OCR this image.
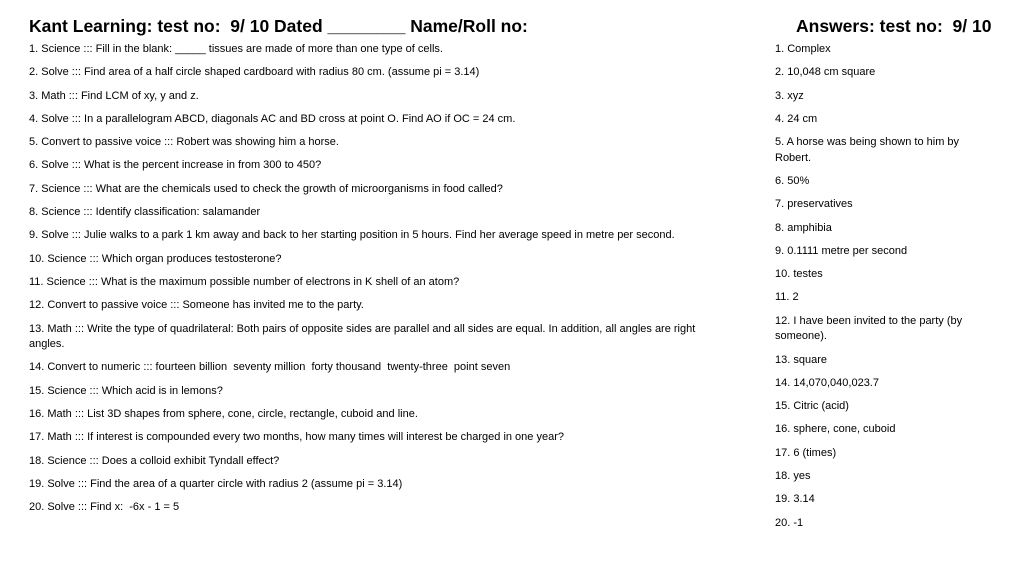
Kant Learning: test no:  9/ 10 Dated ________ Name/Roll no:	Answers: test no:  9/ 10
1. Science ::: Fill in the blank: _____ tissues are made of more than one type of cells.
2. Solve ::: Find area of a half circle shaped cardboard with radius 80 cm. (assume pi = 3.14)
3. Math ::: Find LCM of xy, y and z.
4. Solve ::: In a parallelogram ABCD, diagonals AC and BD cross at point O. Find AO if OC = 24 cm.
5. Convert to passive voice ::: Robert was showing him a horse.
6. Solve ::: What is the percent increase in from 300 to 450?
7. Science ::: What are the chemicals used to check the growth of microorganisms in food called?
8. Science ::: Identify classification: salamander
9. Solve ::: Julie walks to a park 1 km away and back to her starting position in 5 hours. Find her average speed in metre per second.
10. Science ::: Which organ produces testosterone?
11. Science ::: What is the maximum possible number of electrons in K shell of an atom?
12. Convert to passive voice ::: Someone has invited me to the party.
13. Math ::: Write the type of quadrilateral: Both pairs of opposite sides are parallel and all sides are equal. In addition, all angles are right angles.
14. Convert to numeric ::: fourteen billion  seventy million  forty thousand  twenty-three  point seven
15. Science ::: Which acid is in lemons?
16. Math ::: List 3D shapes from sphere, cone, circle, rectangle, cuboid and line.
17. Math ::: If interest is compounded every two months, how many times will interest be charged in one year?
18. Science ::: Does a colloid exhibit Tyndall effect?
19. Solve ::: Find the area of a quarter circle with radius 2 (assume pi = 3.14)
20. Solve ::: Find x:  -6x - 1 = 5
1. Complex
2. 10,048 cm square
3. xyz
4. 24 cm
5. A horse was being shown to him by Robert.
6. 50%
7. preservatives
8. amphibia
9. 0.1111 metre per second
10. testes
11. 2
12. I have been invited to the party (by someone).
13. square
14. 14,070,040,023.7
15. Citric (acid)
16. sphere, cone, cuboid
17. 6 (times)
18. yes
19. 3.14
20. -1
